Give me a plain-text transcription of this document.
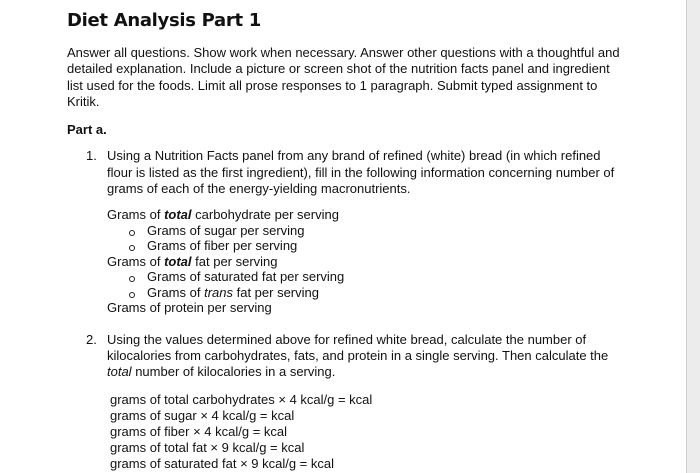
Diet Analysis Part 1
Answer all questions. Show work when necessary. Answer other questions with a thoughtful and detailed explanation. Include a picture or screen shot of the nutrition facts panel and ingredient list used for the foods. Limit all prose responses to 1 paragraph. Submit typed assignment to Kritik.
Part a.
1. Using a Nutrition Facts panel from any brand of refined (white) bread (in which refined flour is listed as the first ingredient), fill in the following information concerning number of grams of each of the energy-yielding macronutrients.
Grams of total carbohydrate per serving
Grams of sugar per serving
Grams of fiber per serving
Grams of total fat per serving
Grams of saturated fat per serving
Grams of trans fat per serving
Grams of protein per serving
2. Using the values determined above for refined white bread, calculate the number of kilocalories from carbohydrates, fats, and protein in a single serving. Then calculate the total number of kilocalories in a serving.
grams of total carbohydrates × 4 kcal/g = kcal
grams of sugar × 4 kcal/g = kcal
grams of fiber × 4 kcal/g = kcal
grams of total fat × 9 kcal/g = kcal
grams of saturated fat × 9 kcal/g = kcal
